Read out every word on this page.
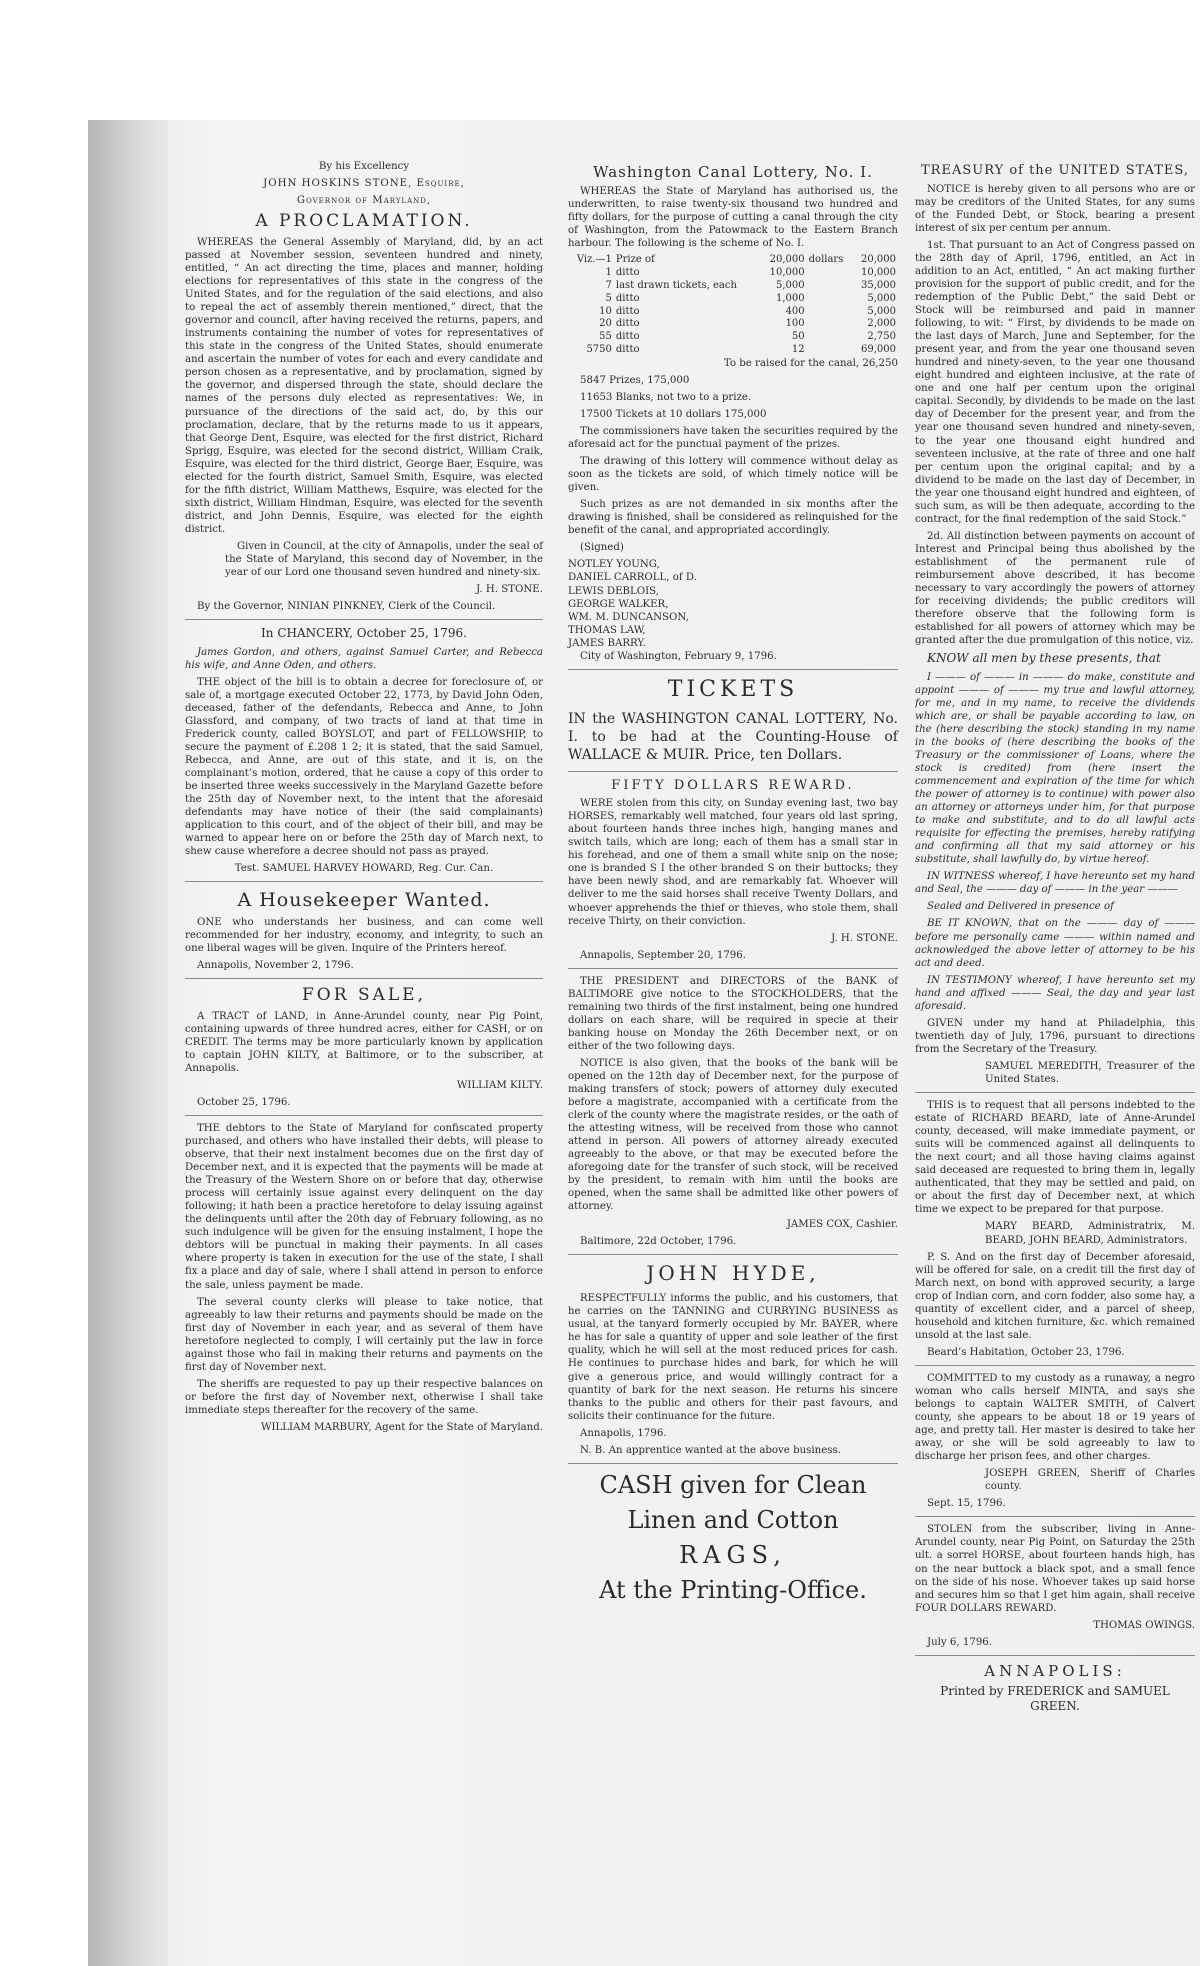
By his Excellency

JOHN HOSKINS STONE, Esquire,

Governor of Maryland,

A PROCLAMATION.

WHEREAS the General Assembly of Maryland, did, by an act passed at November session, seventeen hundred and ninety, entitled, “ An act directing the time, places and manner, holding elections for representatives of this state in the congress of the United States, and for the regulation of the said elections, and also to repeal the act of assembly therein mentioned,” direct, that the governor and council, after having received the returns, papers, and instruments containing the number of votes for representatives of this state in the congress of the United States, should enumerate and ascertain the number of votes for each and every candidate and person chosen as a representative, and by proclamation, signed by the governor, and dispersed through the state, should declare the names of the persons duly elected as representatives: We, in pursuance of the directions of the said act, do, by this our proclamation, declare, that by the returns made to us it appears, that George Dent, Esquire, was elected for the first district, Richard Sprigg, Esquire, was elected for the second district, William Craik, Esquire, was elected for the third district, George Baer, Esquire, was elected for the fourth district, Samuel Smith, Esquire, was elected for the fifth district, William Matthews, Esquire, was elected for the sixth district, William Hindman, Esquire, was elected for the seventh district, and John Dennis, Esquire, was elected for the eighth district.

Given in Council, at the city of Annapolis, under the seal of the State of Maryland, this second day of November, in the year of our Lord one thousand seven hundred and ninety-six.

J. H. STONE.

By the Governor, NINIAN PINKNEY, Clerk of the Council.

In CHANCERY, October 25, 1796.

James Gordon, and others, against Samuel Carter, and Rebecca his wife, and Anne Oden, and others.

THE object of the bill is to obtain a decree for foreclosure of, or sale of, a mortgage executed October 22, 1773, by David John Oden, deceased, father of the defendants, Rebecca and Anne, to John Glassford, and company, of two tracts of land at that time in Frederick county, called BOYSLOT, and part of FELLOWSHIP, to secure the payment of £.208 1 2; it is stated, that the said Samuel, Rebecca, and Anne, are out of this state, and it is, on the complainant’s motion, ordered, that he cause a copy of this order to be inserted three weeks successively in the Maryland Gazette before the 25th day of November next, to the intent that the aforesaid defendants may have notice of their (the said complainants) application to this court, and of the object of their bill, and may be warned to appear here on or before the 25th day of March next, to shew cause wherefore a decree should not pass as prayed.

Test. SAMUEL HARVEY HOWARD, Reg. Cur. Can.

A Housekeeper Wanted.

ONE who understands her business, and can come well recommended for her industry, economy, and integrity, to such an one liberal wages will be given. Inquire of the Printers hereof.

Annapolis, November 2, 1796.

FOR SALE,

A TRACT of LAND, in Anne-Arundel county, near Pig Point, containing upwards of three hundred acres, either for CASH, or on CREDIT. The terms may be more particularly known by application to captain JOHN KILTY, at Baltimore, or to the subscriber, at Annapolis.

WILLIAM KILTY.

October 25, 1796.

THE debtors to the State of Maryland for confiscated property purchased, and others who have installed their debts, will please to observe, that their next instalment becomes due on the first day of December next, and it is expected that the payments will be made at the Treasury of the Western Shore on or before that day, otherwise process will certainly issue against every delinquent on the day following; it hath been a practice heretofore to delay issuing against the delinquents until after the 20th day of February following, as no such indulgence will be given for the ensuing instalment, I hope the debtors will be punctual in making their payments. In all cases where property is taken in execution for the use of the state, I shall fix a place and day of sale, where I shall attend in person to enforce the sale, unless payment be made.

The several county clerks will please to take notice, that agreeably to law their returns and payments should be made on the first day of November in each year, and as several of them have heretofore neglected to comply, I will certainly put the law in force against those who fail in making their returns and payments on the first day of November next.

The sheriffs are requested to pay up their respective balances on or before the first day of November next, otherwise I shall take immediate steps thereafter for the recovery of the same.

WILLIAM MARBURY, Agent for the State of Maryland.

Washington Canal Lottery, No. I.

WHEREAS the State of Maryland has authorised us, the underwritten, to raise twenty-six thousand two hundred and fifty dollars, for the purpose of cutting a canal through the city of Washington, from the Patowmack to the Eastern Branch harbour. The following is the scheme of No. I.

Viz.—1	Prize of	20,000	dollars	20,000
1	ditto	10,000		10,000
7	last drawn tickets, each	5,000		35,000
5	ditto	1,000		5,000
10	ditto	400		5,000
20	ditto	100		2,000
55	ditto	50		2,750
5750	ditto	12		69,000

To be raised for the canal, 26,250

5847 Prizes, 175,000

11653 Blanks, not two to a prize.

17500 Tickets at 10 dollars 175,000

The commissioners have taken the securities required by the aforesaid act for the punctual payment of the prizes.

The drawing of this lottery will commence without delay as soon as the tickets are sold, of which timely notice will be given.

Such prizes as are not demanded in six months after the drawing is finished, shall be considered as relinquished for the benefit of the canal, and appropriated accordingly.

(Signed)

NOTLEY YOUNG,

DANIEL CARROLL, of D.

LEWIS DEBLOIS,

GEORGE WALKER,

WM. M. DUNCANSON,

THOMAS LAW,

JAMES BARRY.

City of Washington, February 9, 1796.

TICKETS

IN the WASHINGTON CANAL LOTTERY, No. I. to be had at the Counting-House of WALLACE & MUIR. Price, ten Dollars.

FIFTY DOLLARS REWARD.

WERE stolen from this city, on Sunday evening last, two bay HORSES, remarkably well matched, four years old last spring, about fourteen hands three inches high, hanging manes and switch tails, which are long; each of them has a small star in his forehead, and one of them a small white snip on the nose; one is branded S I the other branded S on their buttocks; they have been newly shod, and are remarkably fat. Whoever will deliver to me the said horses shall receive Twenty Dollars, and whoever apprehends the thief or thieves, who stole them, shall receive Thirty, on their conviction.

J. H. STONE.

Annapolis, September 20, 1796.

THE PRESIDENT and DIRECTORS of the BANK of BALTIMORE give notice to the STOCKHOLDERS, that the remaining two thirds of the first instalment, being one hundred dollars on each share, will be required in specie at their banking house on Monday the 26th December next, or on either of the two following days.

NOTICE is also given, that the books of the bank will be opened on the 12th day of December next, for the purpose of making transfers of stock; powers of attorney duly executed before a magistrate, accompanied with a certificate from the clerk of the county where the magistrate resides, or the oath of the attesting witness, will be received from those who cannot attend in person. All powers of attorney already executed agreeably to the above, or that may be executed before the aforegoing date for the transfer of such stock, will be received by the president, to remain with him until the books are opened, when the same shall be admitted like other powers of attorney.

JAMES COX, Cashier.

Baltimore, 22d October, 1796.

JOHN HYDE,

RESPECTFULLY informs the public, and his customers, that he carries on the TANNING and CURRYING BUSINESS as usual, at the tanyard formerly occupied by Mr. BAYER, where he has for sale a quantity of upper and sole leather of the first quality, which he will sell at the most reduced prices for cash. He continues to purchase hides and bark, for which he will give a generous price, and would willingly contract for a quantity of bark for the next season. He returns his sincere thanks to the public and others for their past favours, and solicits their continuance for the future.

Annapolis, 1796.

N. B. An apprentice wanted at the above business.

CASH given for Clean
Linen and Cotton
RAGS,
At the Printing-Office.
TREASURY of the UNITED STATES,

NOTICE is hereby given to all persons who are or may be creditors of the United States, for any sums of the Funded Debt, or Stock, bearing a present interest of six per centum per annum.

1st. That pursuant to an Act of Congress passed on the 28th day of April, 1796, entitled, an Act in addition to an Act, entitled, “ An act making further provision for the support of public credit, and for the redemption of the Public Debt,” the said Debt or Stock will be reimbursed and paid in manner following, to wit: “ First, by dividends to be made on the last days of March, June and September, for the present year, and from the year one thousand seven hundred and ninety-seven, to the year one thousand eight hundred and eighteen inclusive, at the rate of one and one half per centum upon the original capital. Secondly, by dividends to be made on the last day of December for the present year, and from the year one thousand seven hundred and ninety-seven, to the year one thousand eight hundred and seventeen inclusive, at the rate of three and one half per centum upon the original capital; and by a dividend to be made on the last day of December, in the year one thousand eight hundred and eighteen, of such sum, as will be then adequate, according to the contract, for the final redemption of the said Stock.”

2d. All distinction between payments on account of Interest and Principal being thus abolished by the establishment of the permanent rule of reimbursement above described, it has become necessary to vary accordingly the powers of attorney for receiving dividends; the public creditors will therefore observe that the following form is established for all powers of attorney which may be granted after the due promulgation of this notice, viz.

KNOW all men by these presents, that

I ——— of ——— in ——— do make, constitute and appoint ——— of ——— my true and lawful attorney, for me, and in my name, to receive the dividends which are, or shall be payable according to law, on the (here describing the stock) standing in my name in the books of (here describing the books of the Treasury or the commissioner of Loans, where the stock is credited) from (here insert the commencement and expiration of the time for which the power of attorney is to continue) with power also an attorney or attorneys under him, for that purpose to make and substitute, and to do all lawful acts requisite for effecting the premises, hereby ratifying and confirming all that my said attorney or his substitute, shall lawfully do, by virtue hereof.

IN WITNESS whereof, I have hereunto set my hand and Seal, the ——— day of ——— in the year ———

Sealed and Delivered in presence of

BE IT KNOWN, that on the ——— day of ——— before me personally came ——— within named and acknowledged the above letter of attorney to be his act and deed.

IN TESTIMONY whereof, I have hereunto set my hand and affixed ——— Seal, the day and year last aforesaid.

GIVEN under my hand at Philadelphia, this twentieth day of July, 1796, pursuant to directions from the Secretary of the Treasury.

SAMUEL MEREDITH, Treasurer of the United States.

THIS is to request that all persons indebted to the estate of RICHARD BEARD, late of Anne-Arundel county, deceased, will make immediate payment, or suits will be commenced against all delinquents to the next court; and all those having claims against said deceased are requested to bring them in, legally authenticated, that they may be settled and paid, on or about the first day of December next, at which time we expect to be prepared for that purpose.

MARY BEARD, Administratrix, M. BEARD, JOHN BEARD, Administrators.

P. S. And on the first day of December aforesaid, will be offered for sale, on a credit till the first day of March next, on bond with approved security, a large crop of Indian corn, and corn fodder, also some hay, a quantity of excellent cider, and a parcel of sheep, household and kitchen furniture, &c. which remained unsold at the last sale.

Beard’s Habitation, October 23, 1796.

COMMITTED to my custody as a runaway, a negro woman who calls herself MINTA, and says she belongs to captain WALTER SMITH, of Calvert county, she appears to be about 18 or 19 years of age, and pretty tall. Her master is desired to take her away, or she will be sold agreeably to law to discharge her prison fees, and other charges.

JOSEPH GREEN, Sheriff of Charles county.

Sept. 15, 1796.

STOLEN from the subscriber, living in Anne-Arundel county, near Pig Point, on Saturday the 25th ult. a sorrel HORSE, about fourteen hands high, has on the near buttock a black spot, and a small fence on the side of his nose. Whoever takes up said horse and secures him so that I get him again, shall receive FOUR DOLLARS REWARD.

THOMAS OWINGS.

July 6, 1796.

ANNAPOLIS:

Printed by FREDERICK and SAMUEL GREEN.
